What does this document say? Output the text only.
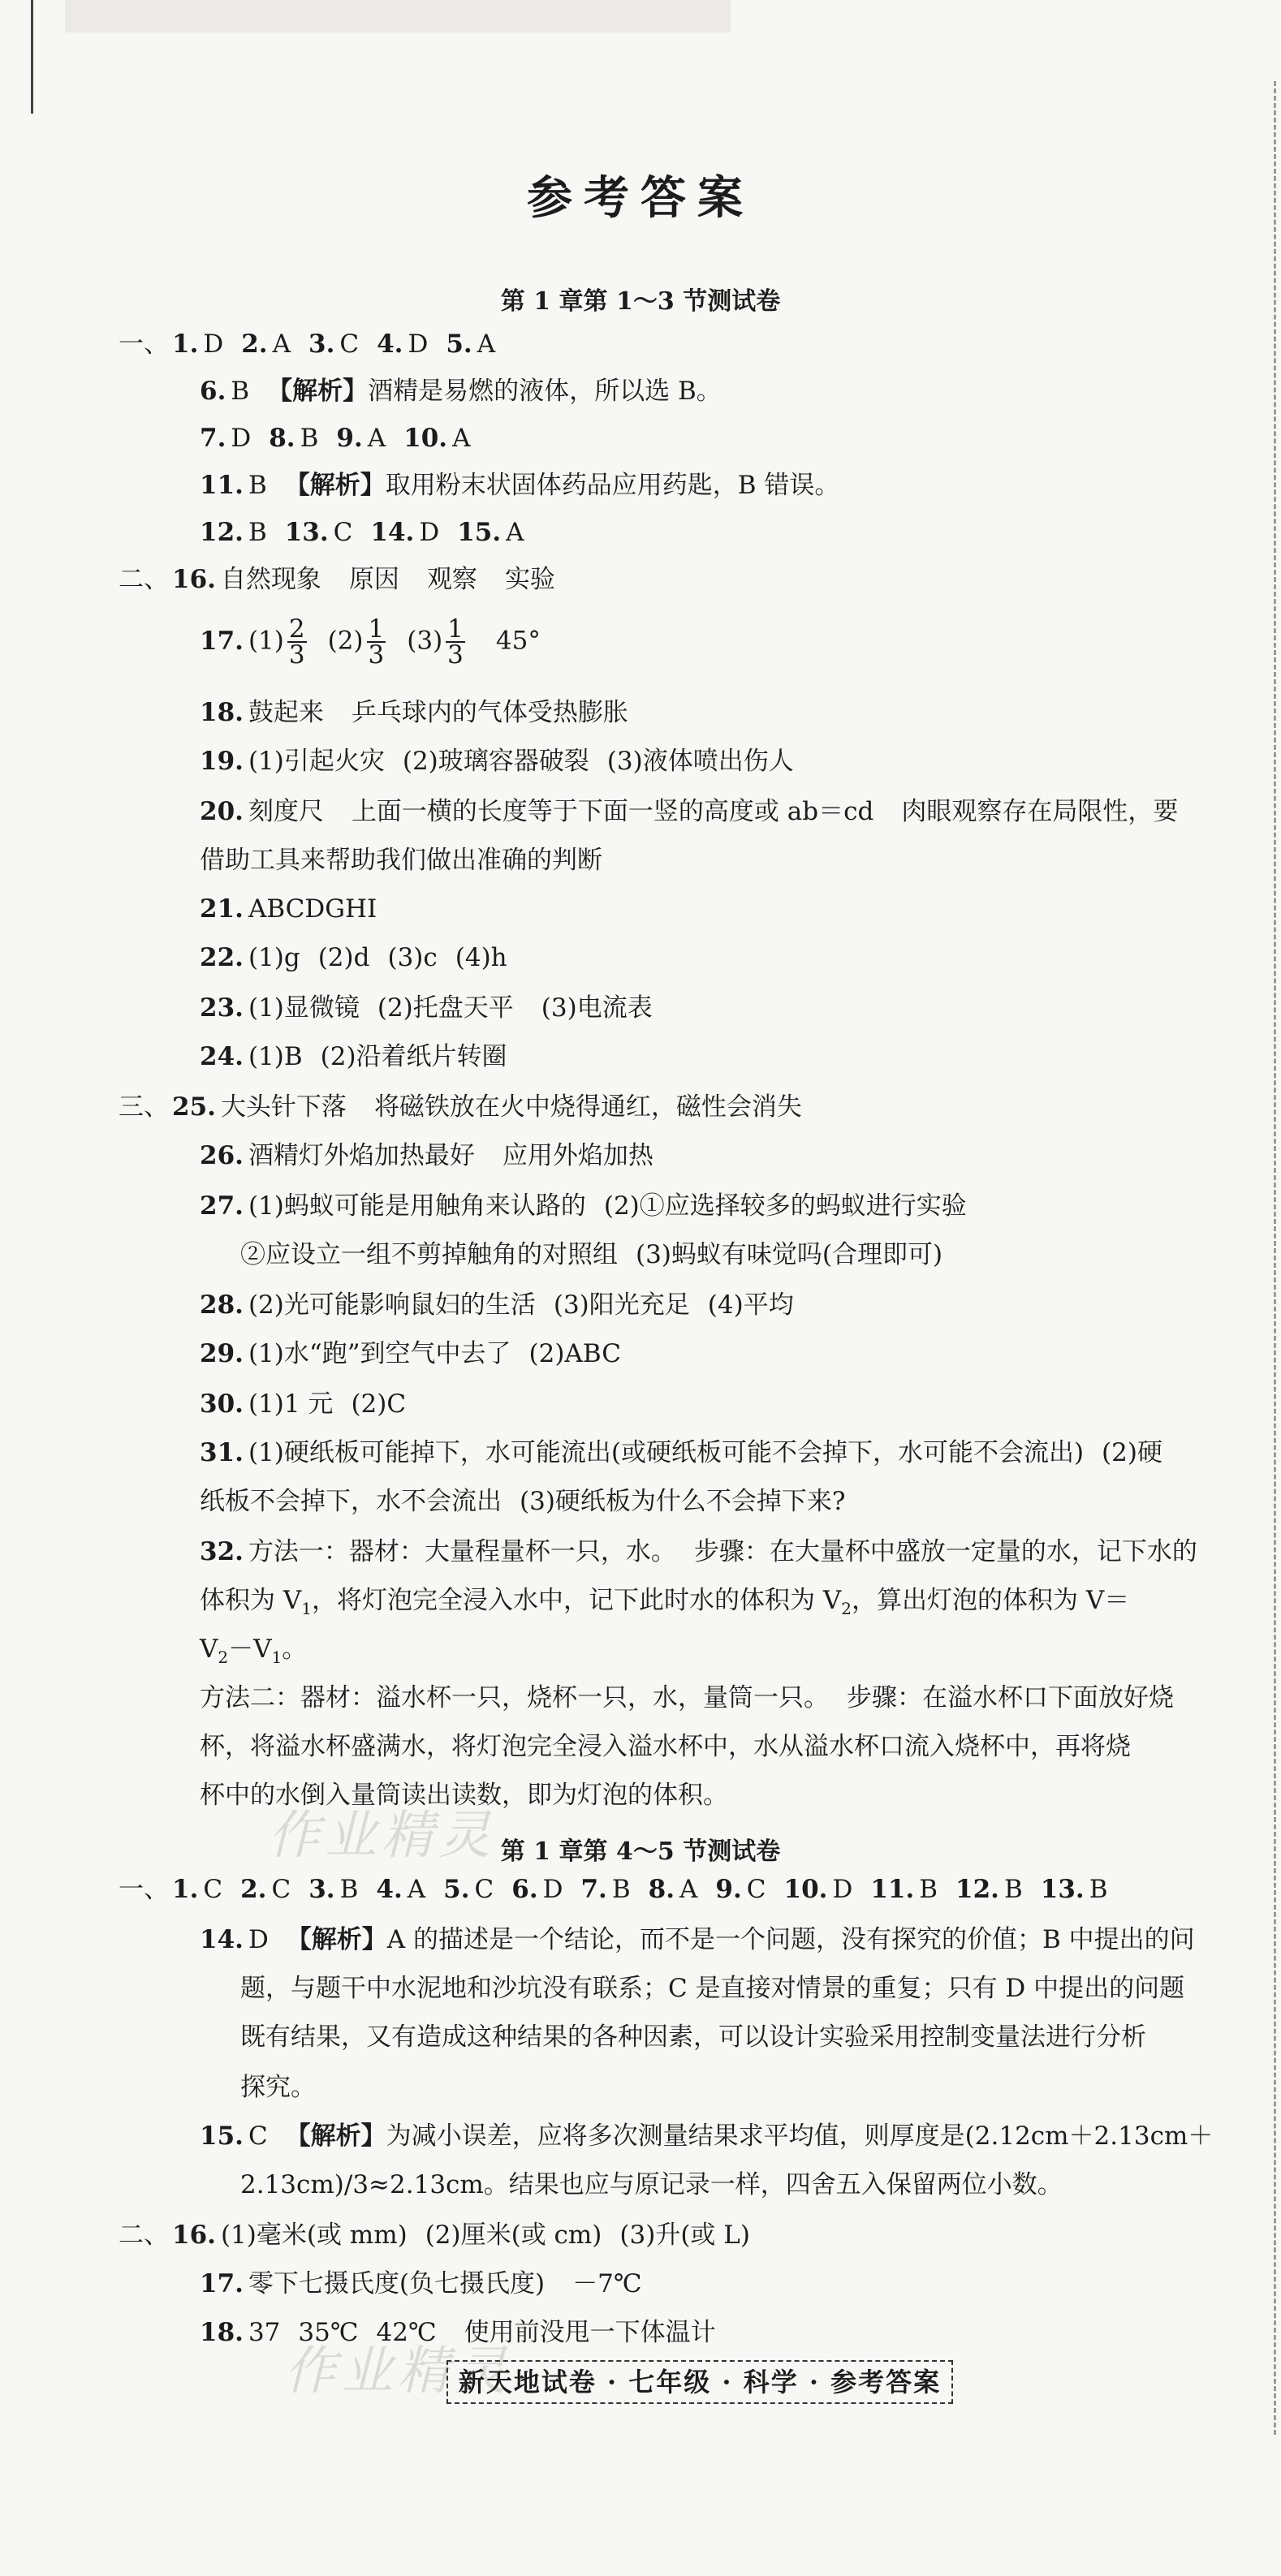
参考答案
第 1 章第 1～3 节测试卷
一、 1. D 2. A 3. C 4. D 5. A
6. B 【解析】酒精是易燃的液体，所以选 B。
7. D 8. B 9. A 10. A
11. B 【解析】取用粉末状固体药品应用药匙，B 错误。
12. B 13. C 14. D 15. A
二、 16. 自然现象 原因 观察 实验
17. $(1) \frac{2}{3} (2) \frac{1}{3} (3) \frac{1}{3} 45^\circ$
18. 鼓起来 乒乓球内的气体受热膨胀
19. (1)引起火灾 (2)玻璃容器破裂 (3)液体喷出伤人
20. 刻度尺 上面一横的长度等于下面一竖的高度或 ab＝cd 肉眼观察存在局限性，要
借助工具来帮助我们做出准确的判断
21. ABCDGHI
22. (1)g (2)d (3)c (4)h
23. (1)显微镜 (2)托盘天平 (3)电流表
24. (1)B (2)沿着纸片转圈
三、 25. 大头针下落 将磁铁放在火中烧得通红，磁性会消失
26. 酒精灯外焰加热最好 应用外焰加热
27. (1)蚂蚁可能是用触角来认路的 (2)①应选择较多的蚂蚁进行实验
②应设立一组不剪掉触角的对照组 (3)蚂蚁有味觉吗(合理即可)
28. (2)光可能影响鼠妇的生活 (3)阳光充足 (4)平均
29. (1)水“跑”到空气中去了 (2)ABC
30. (1)1 元 (2)C
31. (1)硬纸板可能掉下，水可能流出(或硬纸板可能不会掉下，水可能不会流出) (2)硬
纸板不会掉下，水不会流出 (3)硬纸板为什么不会掉下来?
32. 方法一：器材：大量程量杯一只，水。 步骤：在大量杯中盛放一定量的水，记下水的
体积为 $V_1$，将灯泡完全浸入水中，记下此时水的体积为 $V_2$，算出灯泡的体积为 V＝
$V_2-V_1$。
方法二：器材：溢水杯一只，烧杯一只，水，量筒一只。 步骤：在溢水杯口下面放好烧
杯，将溢水杯盛满水，将灯泡完全浸入溢水杯中，水从溢水杯口流入烧杯中，再将烧
杯中的水倒入量筒读出读数，即为灯泡的体积。
作业精灵 第 1 章第 4～5 节测试卷
一、 1. C 2. C 3. B 4. A 5. C 6. D 7. B 8. A 9. C 10. D 11. B 12. B 13. B
14. D 【解析】A 的描述是一个结论，而不是一个问题，没有探究的价值；B 中提出的问
题，与题干中水泥地和沙坑没有联系；C 是直接对情景的重复；只有 D 中提出的问题
既有结果，又有造成这种结果的各种因素，可以设计实验采用控制变量法进行分析
探究。
15. C 【解析】为减小误差，应将多次测量结果求平均值，则厚度是(2.12cm＋2.13cm＋
2.13cm)/3≈2.13cm。结果也应与原记录一样，四舍五入保留两位小数。
二、 16. (1)毫米(或 mm) (2)厘米(或 cm) (3)升(或 L)
17. 零下七摄氏度(负七摄氏度) －7℃
18. 37 35℃ 42℃ 使用前没甩一下体温计
作业精灵
新天地试卷 · 七年级 · 科学 · 参考答案
